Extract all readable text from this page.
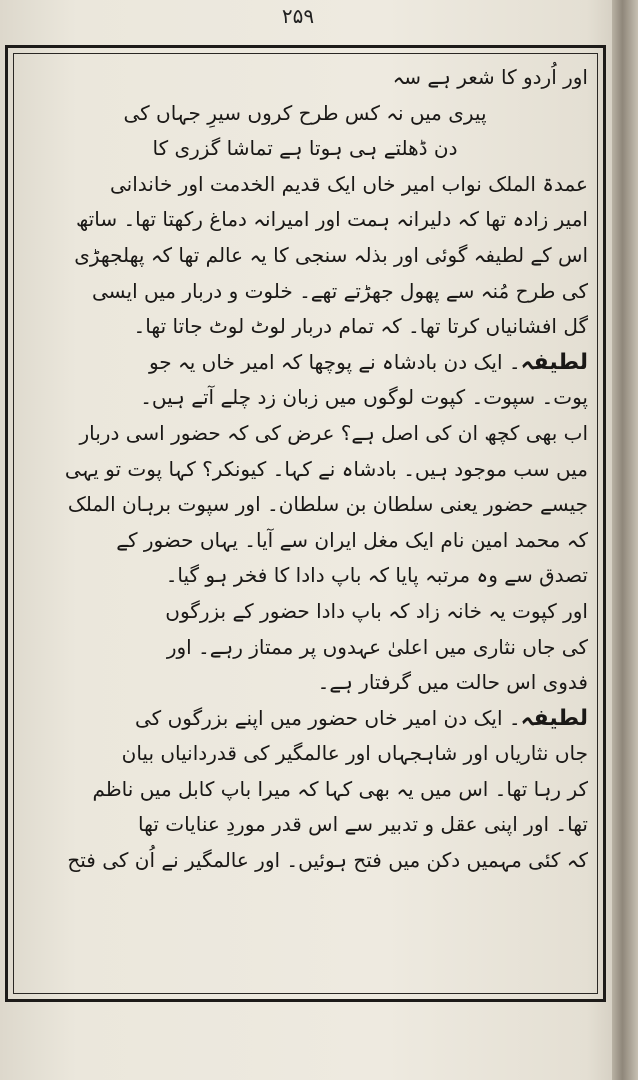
۲۵۹
اور اُردو کا شعر ہے سہ
پیری میں نہ کس طرح کروں سیرِ جہاں کی
دن ڈھلتے ہی ہوتا ہے تماشا گزری کا
عمدۃ الملک نواب امیر خاں ایک قدیم الخدمت اور خاندانی
امیر زادہ تھا کہ دلیرانہ ہمت اور امیرانہ دماغ رکھتا تھا۔ ساتھ
اس کے لطیفہ گوئی اور بذلہ سنجی کا یہ عالم تھا کہ پھلجھڑی
کی طرح مُنہ سے پھول جھڑتے تھے۔ خلوت و دربار میں ایسی
گل افشانیاں کرتا تھا۔ کہ تمام دربار لوٹ لوٹ جاتا تھا۔
لطیفہ۔ ایک دن بادشاہ نے پوچھا کہ امیر خاں یہ جو
پوت۔ سپوت۔ کپوت لوگوں میں زبان زد چلے آتے ہیں۔
اب بھی کچھ ان کی اصل ہے؟ عرض کی کہ حضور اسی دربار
میں سب موجود ہیں۔ بادشاہ نے کہا۔ کیونکر؟ کہا پوت تو یہی
جیسے حضور یعنی سلطان بن سلطان۔ اور سپوت برہان الملک
کہ محمد امین نام ایک مغل ایران سے آیا۔ یہاں حضور کے
تصدق سے وہ مرتبہ پایا کہ باپ دادا کا فخر ہو گیا۔
اور کپوت یہ خانہ زاد کہ باپ دادا حضور کے بزرگوں
کی جاں نثاری میں اعلیٰ عہدوں پر ممتاز رہے۔ اور
فدوی اس حالت میں گرفتار ہے۔
لطیفہ۔ ایک دن امیر خاں حضور میں اپنے بزرگوں کی
جاں نثاریاں اور شاہجہاں اور عالمگیر کی قدردانیاں بیان
کر رہا تھا۔ اس میں یہ بھی کہا کہ میرا باپ کابل میں ناظم
تھا۔ اور اپنی عقل و تدبیر سے اس قدر موردِ عنایات تھا
کہ کئی مہمیں دکن میں فتح ہوئیں۔ اور عالمگیر نے اُن کی فتح
